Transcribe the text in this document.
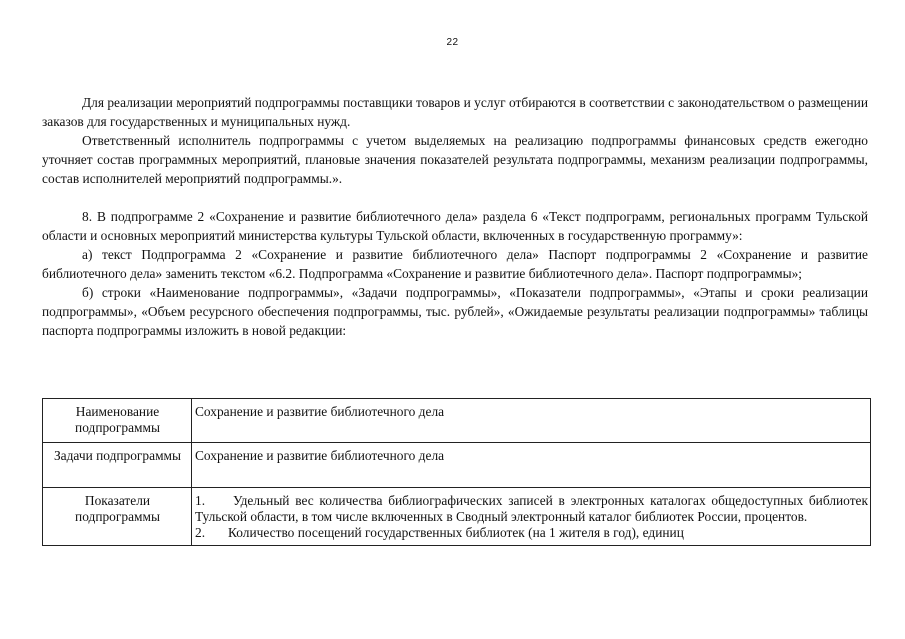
22

Для реализации мероприятий подпрограммы поставщики товаров и услуг отбираются в соответствии с законодательством о размещении заказов для государственных и муниципальных нужд.

Ответственный исполнитель подпрограммы с учетом выделяемых на реализацию подпрограммы финансовых средств ежегодно уточняет состав программных мероприятий, плановые значения показателей результата подпрограммы, механизм реализации подпрограммы, состав исполнителей мероприятий подпрограммы.».

8. В подпрограмме 2 «Сохранение и развитие библиотечного дела» раздела 6 «Текст подпрограмм, региональных программ Тульской области и основных мероприятий министерства культуры Тульской области, включенных в государственную программу»:

а) текст Подпрограмма 2 «Сохранение и развитие библиотечного дела» Паспорт подпрограммы 2 «Сохранение и развитие библиотечного дела» заменить текстом «6.2. Подпрограмма «Сохранение и развитие библиотечного дела». Паспорт подпрограммы»;

б) строки «Наименование подпрограммы», «Задачи подпрограммы», «Показатели подпрограммы», «Этапы и сроки реализации подпрограммы», «Объем ресурсного обеспечения подпрограммы, тыс. рублей», «Ожидаемые результаты реализации подпрограммы» таблицы паспорта подпрограммы изложить в новой редакции:

Наименование подпрограммы	Сохранение и развитие библиотечного дела
Задачи подпрограммы	Сохранение и развитие библиотечного дела
Показатели подпрограммы	1. Удельный вес количества библиографических записей в электронных каталогах общедоступных библиотек Тульской области, в том числе включенных в Сводный электронный каталог библиотек России, процентов.
2. Количество посещений государственных библиотек (на 1 жителя в год), единиц
